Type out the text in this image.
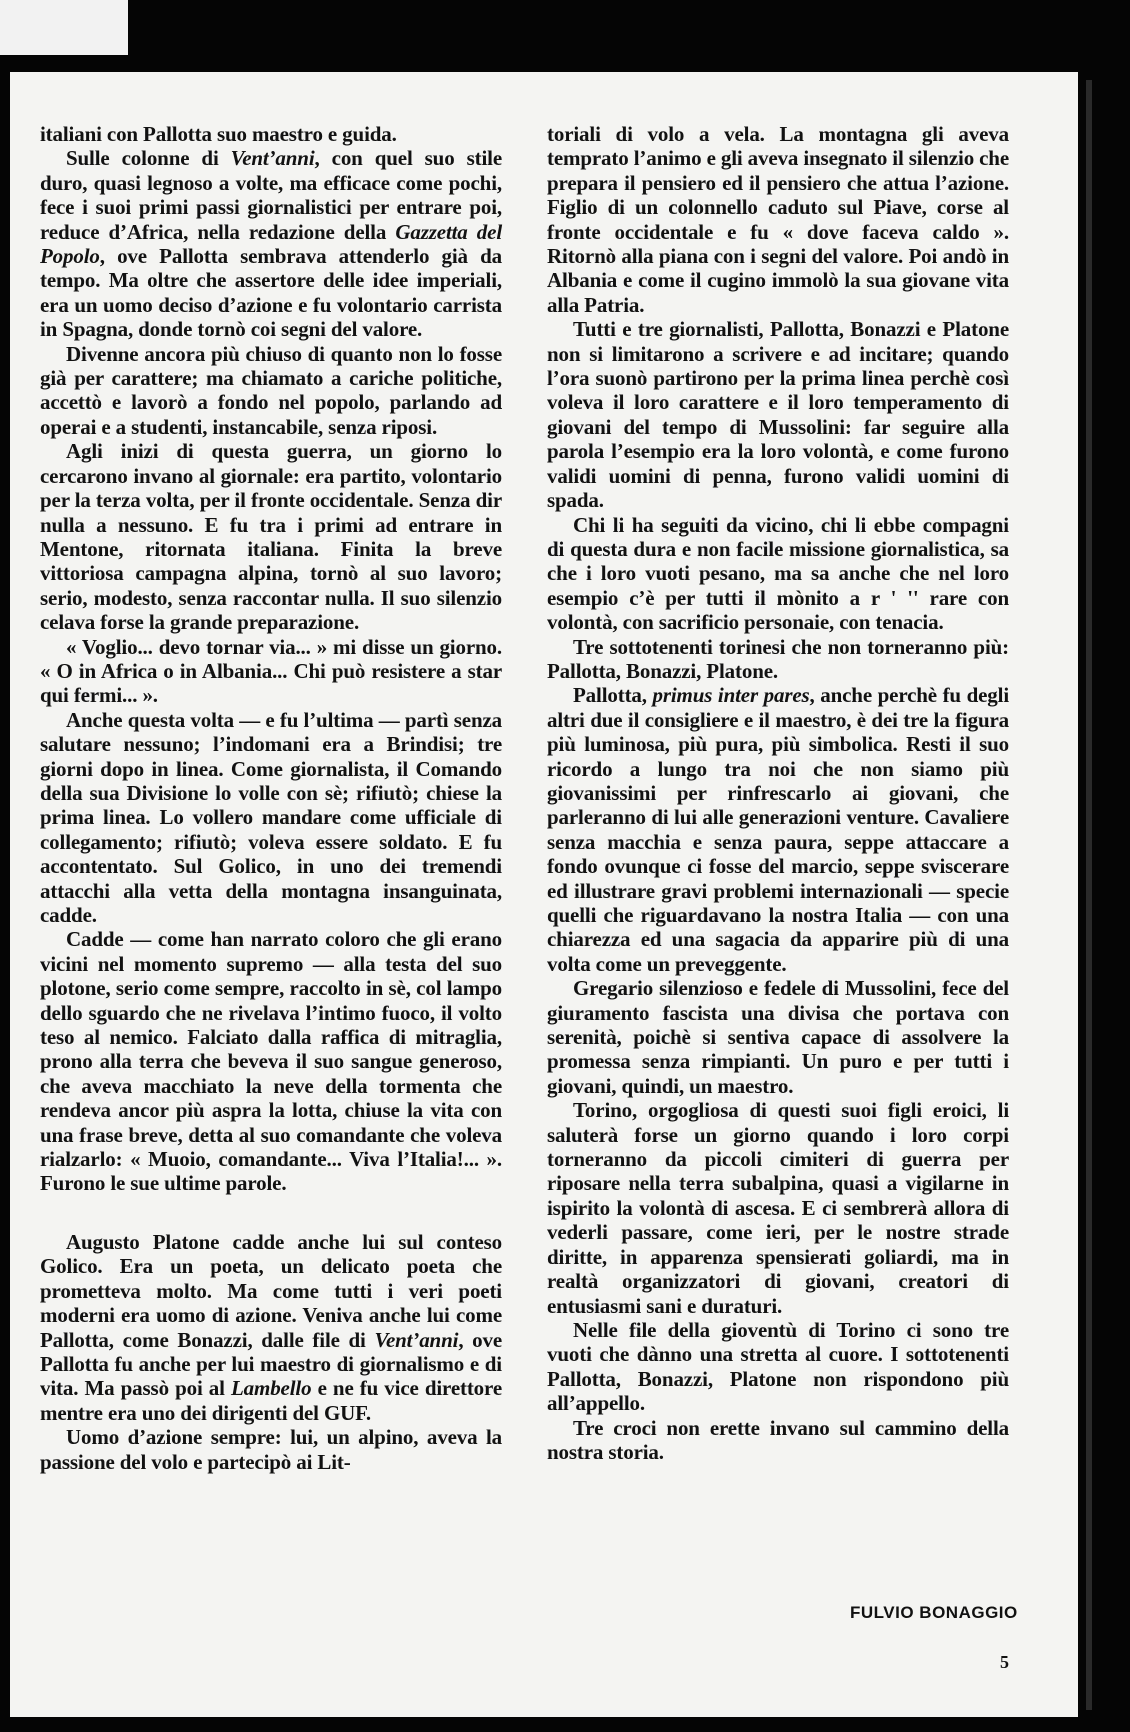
italiani con Pallotta suo maestro e guida.

Sulle colonne di Vent’anni, con quel suo stile duro, quasi legnoso a volte, ma efficace come pochi, fece i suoi primi passi giornalistici per entrare poi, reduce d’Africa, nella redazione della Gazzetta del Popolo, ove Pallotta sembrava attenderlo già da tempo. Ma oltre che assertore delle idee imperiali, era un uomo deciso d’azione e fu volontario carrista in Spagna, donde tornò coi segni del valore.

Divenne ancora più chiuso di quanto non lo fosse già per carattere; ma chiamato a cariche politiche, accettò e lavorò a fondo nel popolo, parlando ad operai e a studenti, instancabile, senza riposi.

Agli inizi di questa guerra, un giorno lo cercarono invano al giornale: era partito, volontario per la terza volta, per il fronte occidentale. Senza dir nulla a nessuno. E fu tra i primi ad entrare in Mentone, ritornata italiana. Finita la breve vittoriosa campagna alpina, tornò al suo lavoro; serio, modesto, senza raccontar nulla. Il suo silenzio celava forse la grande preparazione.

« Voglio... devo tornar via... » mi disse un giorno. « O in Africa o in Albania... Chi può resistere a star qui fermi... ».

Anche questa volta — e fu l’ultima — partì senza salutare nessuno; l’indomani era a Brindisi; tre giorni dopo in linea. Come giornalista, il Comando della sua Divisione lo volle con sè; rifiutò; chiese la prima linea. Lo vollero mandare come ufficiale di collegamento; rifiutò; voleva essere soldato. E fu accontentato. Sul Golico, in uno dei tremendi attacchi alla vetta della montagna insanguinata, cadde.

Cadde — come han narrato coloro che gli erano vicini nel momento supremo — alla testa del suo plotone, serio come sempre, raccolto in sè, col lampo dello sguardo che ne rivelava l’intimo fuoco, il volto teso al nemico. Falciato dalla raffica di mitraglia, prono alla terra che beveva il suo sangue generoso, che aveva macchiato la neve della tormenta che rendeva ancor più aspra la lotta, chiuse la vita con una frase breve, detta al suo comandante che voleva rialzarlo: « Muoio, comandante... Viva l’Italia!... ». Furono le sue ultime parole.

Augusto Platone cadde anche lui sul conteso Golico. Era un poeta, un delicato poeta che prometteva molto. Ma come tutti i veri poeti moderni era uomo di azione. Veniva anche lui come Pallotta, come Bonazzi, dalle file di Vent’anni, ove Pallotta fu anche per lui maestro di giornalismo e di vita. Ma passò poi al Lambello e ne fu vice direttore mentre era uno dei dirigenti del GUF.

Uomo d’azione sempre: lui, un alpino, aveva la passione del volo e partecipò ai Lit-

toriali di volo a vela. La montagna gli aveva temprato l’animo e gli aveva insegnato il silenzio che prepara il pensiero ed il pensiero che attua l’azione. Figlio di un colonnello caduto sul Piave, corse al fronte occidentale e fu « dove faceva caldo ». Ritornò alla piana con i segni del valore. Poi andò in Albania e come il cugino immolò la sua giovane vita alla Patria.

Tutti e tre giornalisti, Pallotta, Bonazzi e Platone non si limitarono a scrivere e ad incitare; quando l’ora suonò partirono per la prima linea perchè così voleva il loro carattere e il loro temperamento di giovani del tempo di Mussolini: far seguire alla parola l’esempio era la loro volontà, e come furono validi uomini di penna, furono validi uomini di spada.

Chi li ha seguiti da vicino, chi li ebbe compagni di questa dura e non facile missione giornalistica, sa che i loro vuoti pesano, ma sa anche che nel loro esempio c’è per tutti il mònito a r ' '' rare con volontà, con sacrificio personaie, con tenacia.

Tre sottotenenti torinesi che non torneranno più: Pallotta, Bonazzi, Platone.

Pallotta, primus inter pares, anche perchè fu degli altri due il consigliere e il maestro, è dei tre la figura più luminosa, più pura, più simbolica. Resti il suo ricordo a lungo tra noi che non siamo più giovanissimi per rinfrescarlo ai giovani, che parleranno di lui alle generazioni venture. Cavaliere senza macchia e senza paura, seppe attaccare a fondo ovunque ci fosse del marcio, seppe sviscerare ed illustrare gravi problemi internazionali — specie quelli che riguardavano la nostra Italia — con una chiarezza ed una sagacia da apparire più di una volta come un preveggente.

Gregario silenzioso e fedele di Mussolini, fece del giuramento fascista una divisa che portava con serenità, poichè si sentiva capace di assolvere la promessa senza rimpianti. Un puro e per tutti i giovani, quindi, un maestro.

Torino, orgogliosa di questi suoi figli eroici, li saluterà forse un giorno quando i loro corpi torneranno da piccoli cimiteri di guerra per riposare nella terra subalpina, quasi a vigilarne in ispirito la volontà di ascesa. E ci sembrerà allora di vederli passare, come ieri, per le nostre strade diritte, in apparenza spensierati goliardi, ma in realtà organizzatori di giovani, creatori di entusiasmi sani e duraturi.

Nelle file della gioventù di Torino ci sono tre vuoti che dànno una stretta al cuore. I sottotenenti Pallotta, Bonazzi, Platone non rispondono più all’appello.

Tre croci non erette invano sul cammino della nostra storia.

FULVIO BONAGGIO
5
